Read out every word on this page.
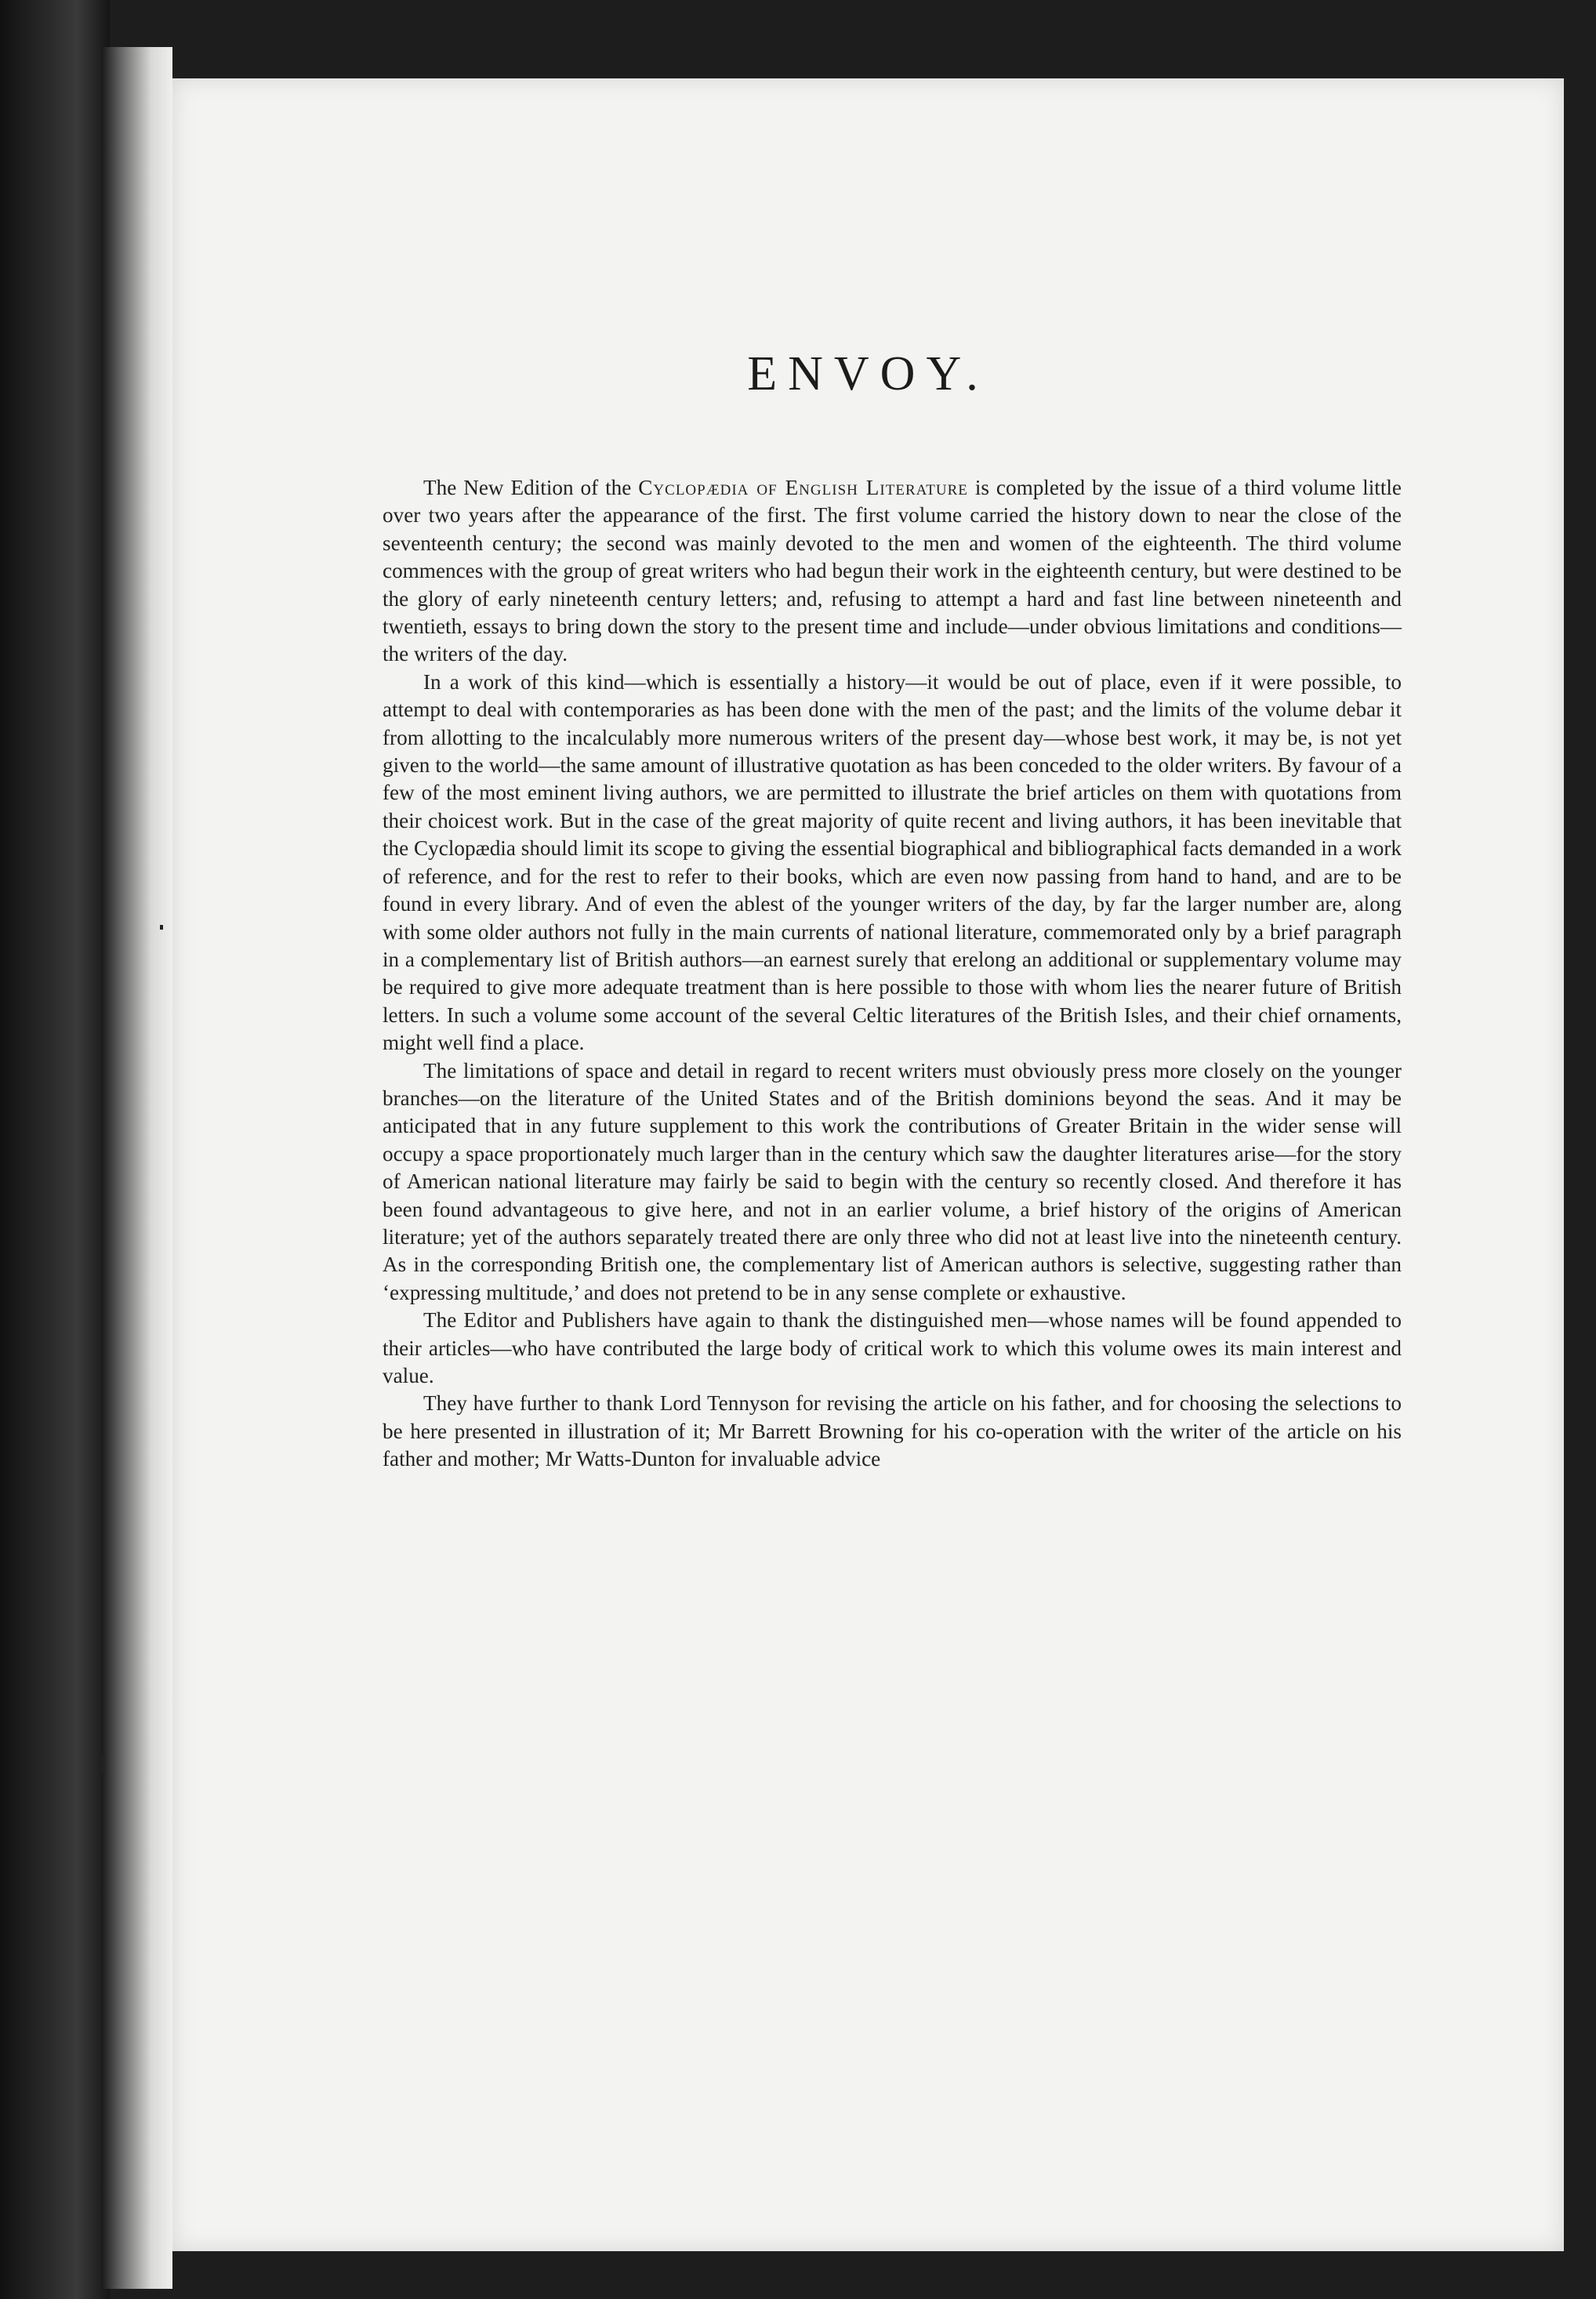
ENVOY.

The New Edition of the Cyclopædia of English Literature is completed by the issue of a third volume little over two years after the appearance of the first. The first volume carried the history down to near the close of the seventeenth century; the second was mainly devoted to the men and women of the eighteenth. The third volume commences with the group of great writers who had begun their work in the eighteenth century, but were destined to be the glory of early nineteenth century letters; and, refusing to attempt a hard and fast line between nineteenth and twentieth, essays to bring down the story to the present time and include—under obvious limitations and conditions—the writers of the day.

In a work of this kind—which is essentially a history—it would be out of place, even if it were possible, to attempt to deal with contemporaries as has been done with the men of the past; and the limits of the volume debar it from allotting to the incalculably more numerous writers of the present day—whose best work, it may be, is not yet given to the world—the same amount of illustrative quotation as has been conceded to the older writers. By favour of a few of the most eminent living authors, we are permitted to illustrate the brief articles on them with quotations from their choicest work. But in the case of the great majority of quite recent and living authors, it has been inevitable that the Cyclopædia should limit its scope to giving the essential biographical and bibliographical facts demanded in a work of reference, and for the rest to refer to their books, which are even now passing from hand to hand, and are to be found in every library. And of even the ablest of the younger writers of the day, by far the larger number are, along with some older authors not fully in the main currents of national literature, commemorated only by a brief paragraph in a complementary list of British authors—an earnest surely that erelong an additional or supplementary volume may be required to give more adequate treatment than is here possible to those with whom lies the nearer future of British letters. In such a volume some account of the several Celtic literatures of the British Isles, and their chief ornaments, might well find a place.

The limitations of space and detail in regard to recent writers must obviously press more closely on the younger branches—on the literature of the United States and of the British dominions beyond the seas. And it may be anticipated that in any future supplement to this work the contributions of Greater Britain in the wider sense will occupy a space proportionately much larger than in the century which saw the daughter literatures arise—for the story of American national literature may fairly be said to begin with the century so recently closed. And therefore it has been found advantageous to give here, and not in an earlier volume, a brief history of the origins of American literature; yet of the authors separately treated there are only three who did not at least live into the nineteenth century. As in the corresponding British one, the complementary list of American authors is selective, suggesting rather than ‘expressing multitude,’ and does not pretend to be in any sense complete or exhaustive.

The Editor and Publishers have again to thank the distinguished men—whose names will be found appended to their articles—who have contributed the large body of critical work to which this volume owes its main interest and value.

They have further to thank Lord Tennyson for revising the article on his father, and for choosing the selections to be here presented in illustration of it; Mr Barrett Browning for his co-operation with the writer of the article on his father and mother; Mr Watts-Dunton for invaluable advice
